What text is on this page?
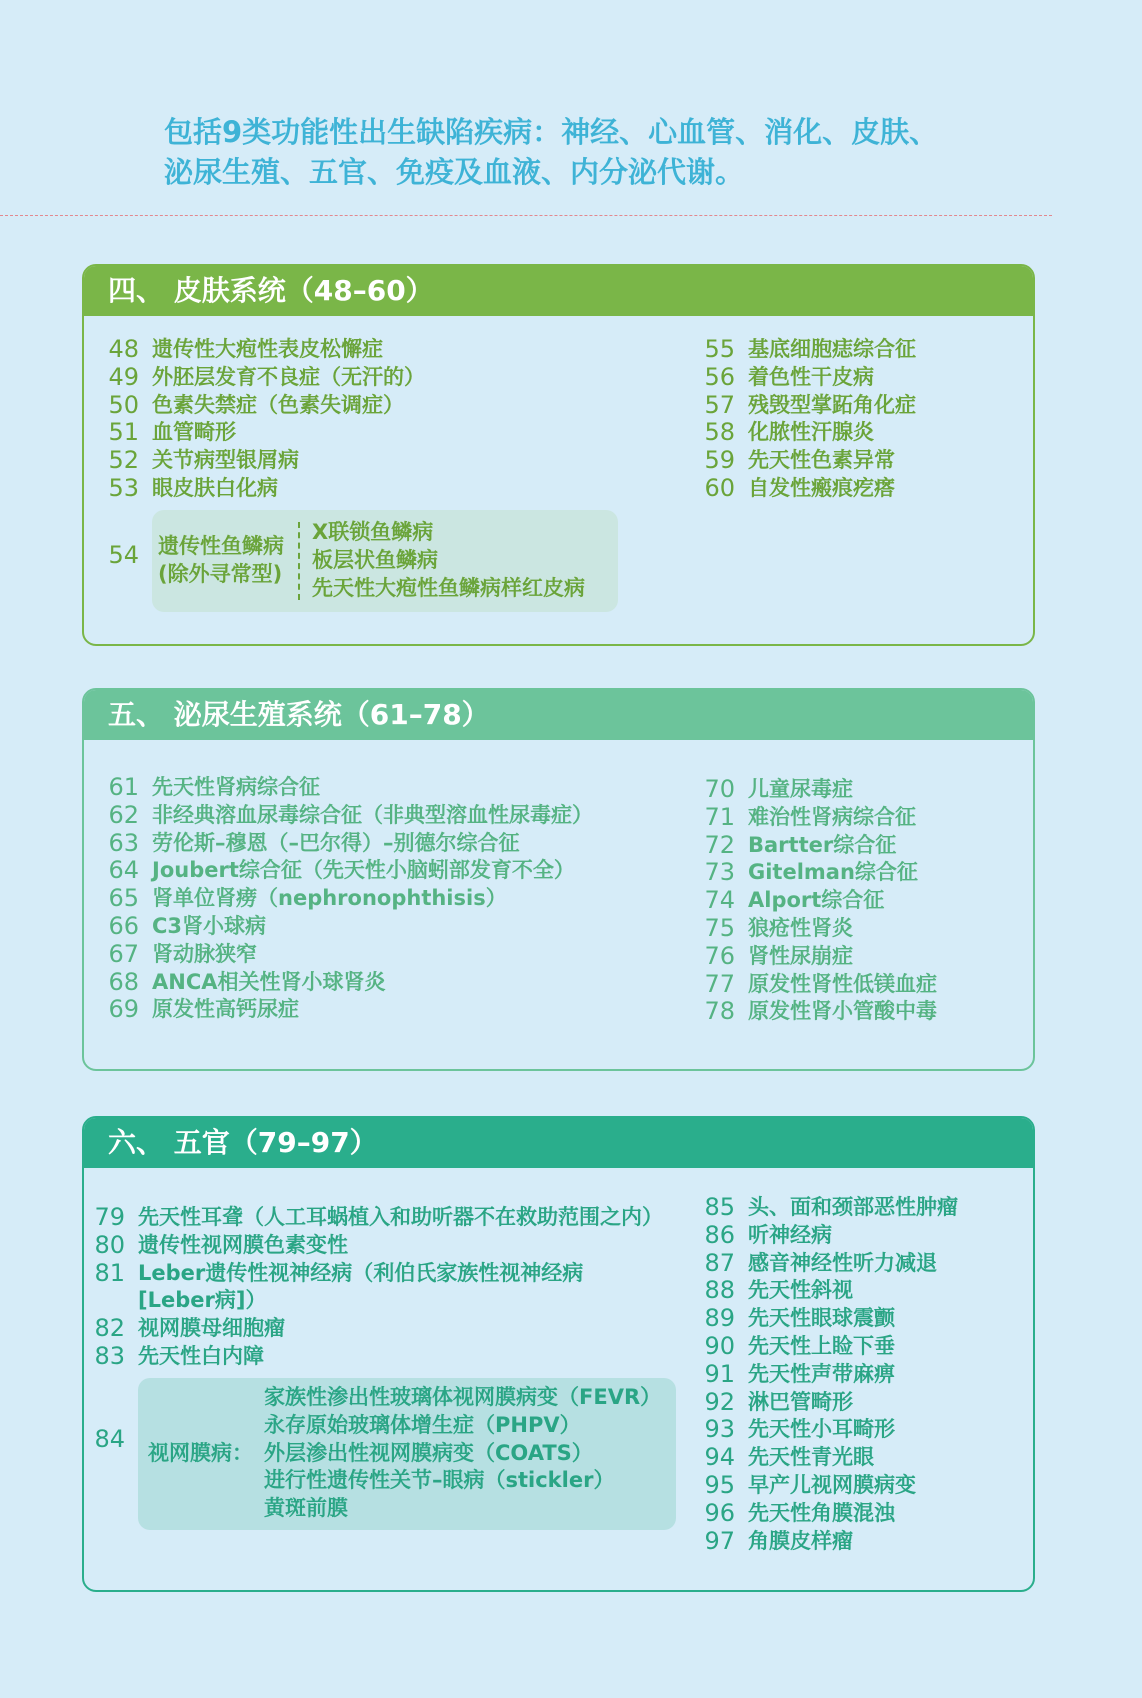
包括9类功能性出生缺陷疾病：神经、心血管、消化、皮肤、
泌尿生殖、五官、免疫及血液、内分泌代谢。
四、 皮肤系统（48–60）
48 遗传性大疱性表皮松懈症
49 外胚层发育不良症（无汗的）
50 色素失禁症（色素失调症）
51 血管畸形
52 关节病型银屑病
53 眼皮肤白化病
54 遗传性鱼鳞病
(除外寻常型)
X联锁鱼鳞病
板层状鱼鳞病
先天性大疱性鱼鳞病样红皮病
55 基底细胞痣综合征
56 着色性干皮病
57 残毁型掌跖角化症
58 化脓性汗腺炎
59 先天性色素异常
60 自发性瘢痕疙瘩
五、 泌尿生殖系统（61–78）
61 先天性肾病综合征
62 非经典溶血尿毒综合征（非典型溶血性尿毒症）
63 劳伦斯–穆恩（–巴尔得）–别德尔综合征
64 Joubert综合征（先天性小脑蚓部发育不全）
65 肾单位肾痨（nephronophthisis）
66 C3肾小球病
67 肾动脉狭窄
68 ANCA相关性肾小球肾炎
69 原发性高钙尿症
70 儿童尿毒症
71 难治性肾病综合征
72 Bartter综合征
73 Gitelman综合征
74 Alport综合征
75 狼疮性肾炎
76 肾性尿崩症
77 原发性肾性低镁血症
78 原发性肾小管酸中毒
六、 五官（79–97）
79 先天性耳聋（人工耳蜗植入和助听器不在救助范围之内）
80 遗传性视网膜色素变性
81 Leber遗传性视神经病（利伯氏家族性视神经病
[Leber病]）
82 视网膜母细胞瘤
83 先天性白内障
84	视网膜病：
家族性渗出性玻璃体视网膜病变（FEVR）
永存原始玻璃体增生症（PHPV）
外层渗出性视网膜病变（COATS）
进行性遗传性关节–眼病（stickler）
黄斑前膜
85 头、面和颈部恶性肿瘤
86 听神经病
87 感音神经性听力减退
88 先天性斜视
89 先天性眼球震颤
90 先天性上睑下垂
91 先天性声带麻痹
92 淋巴管畸形
93 先天性小耳畸形
94 先天性青光眼
95 早产儿视网膜病变
96 先天性角膜混浊
97 角膜皮样瘤
